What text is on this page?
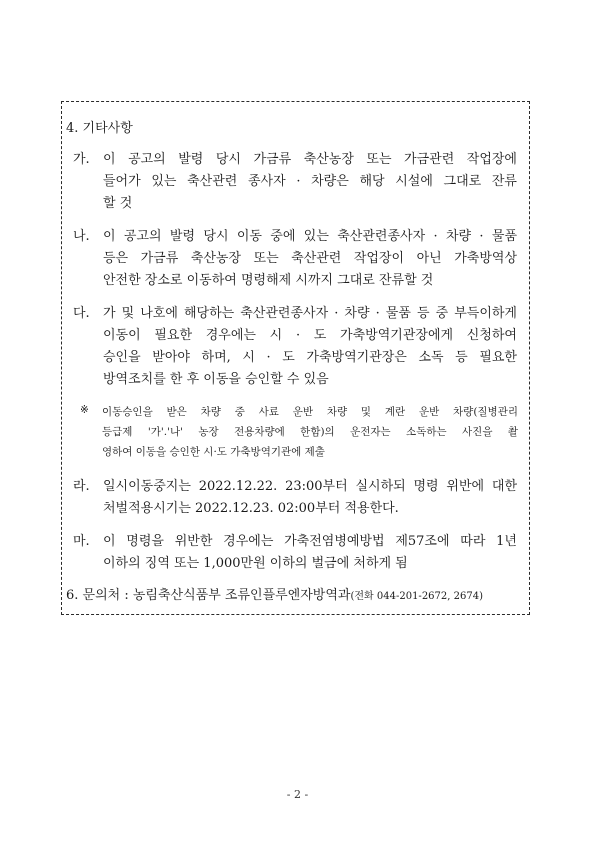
4. 기타사항

가. 이 공고의 발령 당시 가금류 축산농장 또는 가금관련 작업장에

들어가 있는 축산관련 종사자 · 차량은 해당 시설에 그대로 잔류

할 것

나. 이 공고의 발령 당시 이동 중에 있는 축산관련종사자 · 차량 · 물품

등은 가금류 축산농장 또는 축산관련 작업장이 아닌 가축방역상

안전한 장소로 이동하여 명령해제 시까지 그대로 잔류할 것

다. 가 및 나호에 해당하는 축산관련종사자 · 차량 · 물품 등 중 부득이하게

이동이 필요한 경우에는 시 · 도 가축방역기관장에게 신청하여

승인을 받아야 하며, 시 · 도 가축방역기관장은 소독 등 필요한

방역조치를 한 후 이동을 승인할 수 있음

※ 이동승인을 받은 차량 중 사료 운반 차량 및 계란 운반 차량(질병관리

등급제 '가'.'나' 농장 전용차량에 한함)의 운전자는 소독하는 사진을 촬

영하여 이동을 승인한 시·도 가축방역기관에 제출

라. 일시이동중지는 2022.12.22. 23:00부터 실시하되 명령 위반에 대한

처벌적용시기는 2022.12.23. 02:00부터 적용한다.

마. 이 명령을 위반한 경우에는 가축전염병예방법 제57조에 따라 1년

이하의 징역 또는 1,000만원 이하의 벌금에 처하게 됨

6. 문의처 : 농림축산식품부 조류인플루엔자방역과(전화 044-201-2672, 2674)

- 2 -
